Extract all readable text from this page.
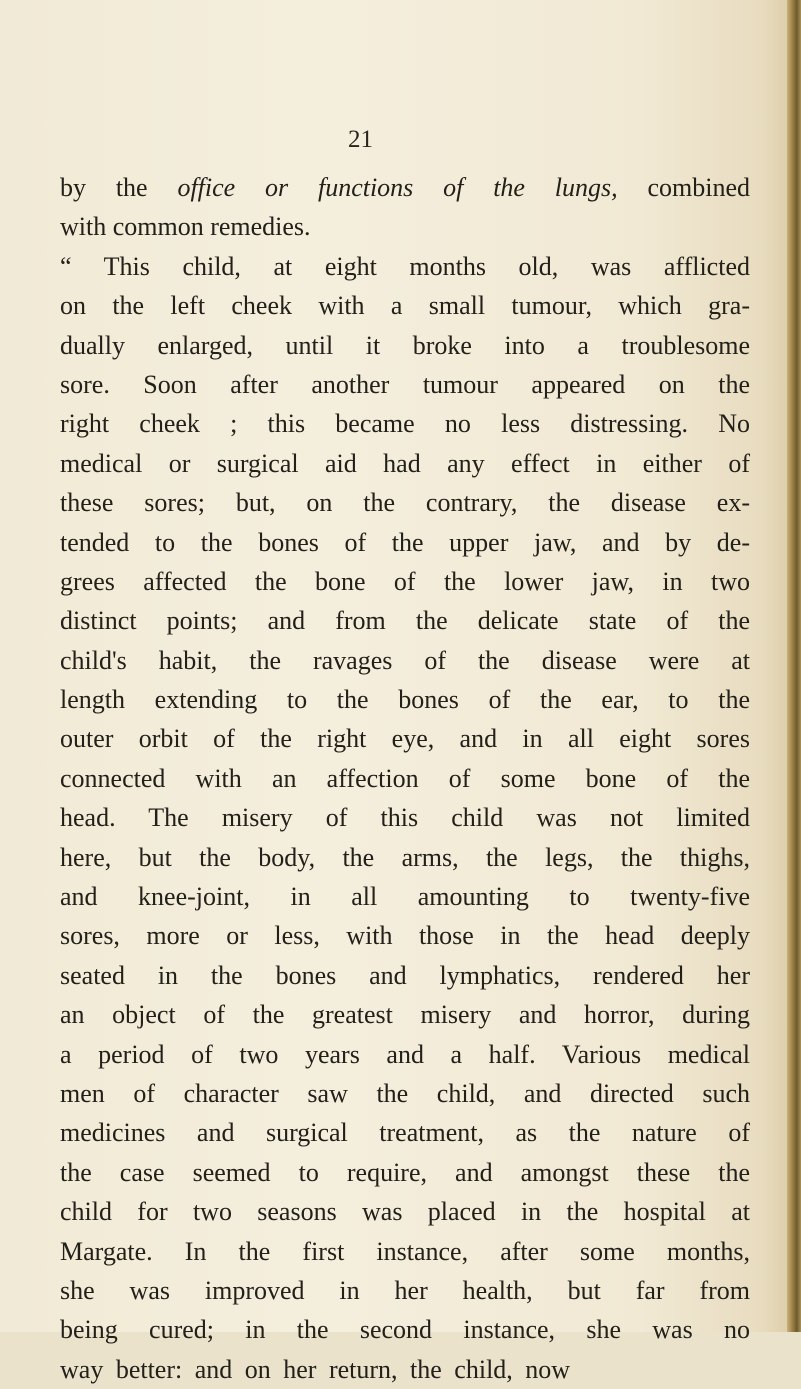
21
by the office or functions of the lungs, combined
with common remedies.
“ This child, at eight months old, was afflicted
on the left cheek with a small tumour, which gra-
dually enlarged, until it broke into a troublesome
sore. Soon after another tumour appeared on the
right cheek ; this became no less distressing. No
medical or surgical aid had any effect in either of
these sores; but, on the contrary, the disease ex-
tended to the bones of the upper jaw, and by de-
grees affected the bone of the lower jaw, in two
distinct points; and from the delicate state of the
child's habit, the ravages of the disease were at
length extending to the bones of the ear, to the
outer orbit of the right eye, and in all eight sores
connected with an affection of some bone of the
head. The misery of this child was not limited
here, but the body, the arms, the legs, the thighs,
and knee-joint, in all amounting to twenty-five
sores, more or less, with those in the head deeply
seated in the bones and lymphatics, rendered her
an object of the greatest misery and horror, during
a period of two years and a half. Various medical
men of character saw the child, and directed such
medicines and surgical treatment, as the nature of
the case seemed to require, and amongst these the
child for two seasons was placed in the hospital at
Margate. In the first instance, after some months,
she was improved in her health, but far from
being cured; in the second instance, she was no
way better: and on her return, the child, now
